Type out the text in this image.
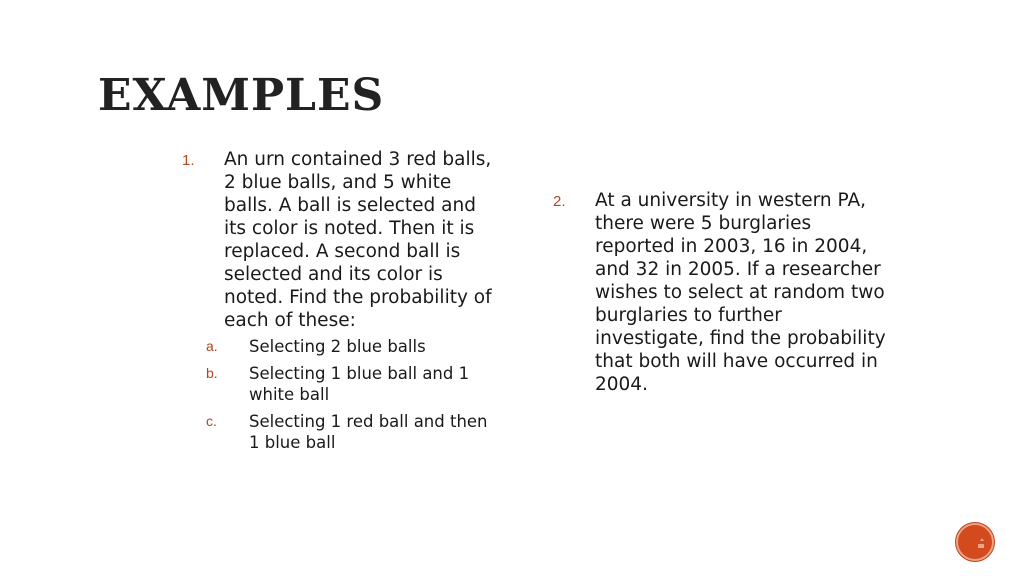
EXAMPLES
1.	An urn contained 3 red balls, 2 blue balls, and 5 white balls. A ball is selected and its color is noted. Then it is replaced. A second ball is selected and its color is noted. Find the probability of each of these:
a.	Selecting 2 blue balls
b.	Selecting 1 blue ball and 1 white ball
c.	Selecting 1 red ball and then 1 blue ball
2.	At a university in western PA, there were 5 burglaries reported in 2003, 16 in 2004, and 32 in 2005. If a researcher wishes to select at random two burglaries to further investigate, find the probability that both will have occurred in 2004.
